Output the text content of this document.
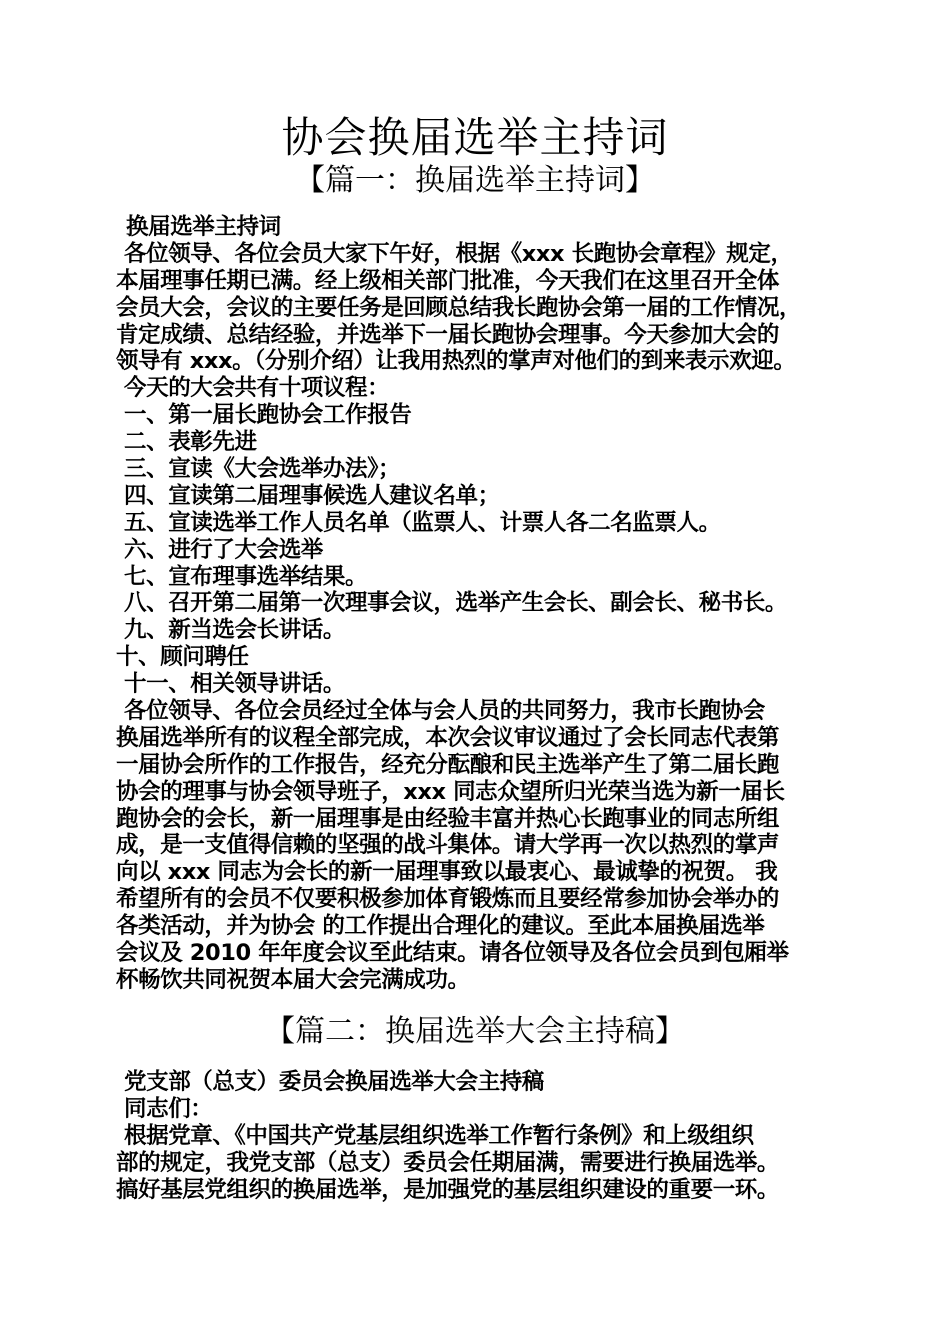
协会换届选举主持词
【篇一：换届选举主持词】
换届选举主持词
各位领导、各位会员大家下午好，根据《xxx 长跑协会章程》规定，
本届理事任期已满。经上级相关部门批准，今天我们在这里召开全体
会员大会，会议的主要任务是回顾总结我长跑协会第一届的工作情况，
肯定成绩、总结经验，并选举下一届长跑协会理事。今天参加大会的
领导有 xxx。（分别介绍）让我用热烈的掌声对他们的到来表示欢迎。
今天的大会共有十项议程：
一、第一届长跑协会工作报告
二、表彰先进
三、宣读《大会选举办法》；
四、宣读第二届理事候选人建议名单；
五、宣读选举工作人员名单（监票人、计票人各二名监票人。
六、进行了大会选举
七、宣布理事选举结果。
八、召开第二届第一次理事会议，选举产生会长、副会长、秘书长。
九、新当选会长讲话。
十、顾问聘任
十一、相关领导讲话。
各位领导、各位会员经过全体与会人员的共同努力，我市长跑协会
换届选举所有的议程全部完成，本次会议审议通过了会长同志代表第
一届协会所作的工作报告，经充分酝酿和民主选举产生了第二届长跑
协会的理事与协会领导班子，xxx 同志众望所归光荣当选为新一届长
跑协会的会长，新一届理事是由经验丰富并热心长跑事业的同志所组
成，是一支值得信赖的坚强的战斗集体。请大学再一次以热烈的掌声
向以 xxx 同志为会长的新一届理事致以最衷心、最诚挚的祝贺。 我
希望所有的会员不仅要积极参加体育锻炼而且要经常参加协会举办的
各类活动，并为协会 的工作提出合理化的建议。至此本届换届选举
会议及 2010 年年度会议至此结束。请各位领导及各位会员到包厢举
杯畅饮共同祝贺本届大会完满成功。
【篇二：换届选举大会主持稿】
党支部（总支）委员会换届选举大会主持稿
同志们：
根据党章、《中国共产党基层组织选举工作暂行条例》和上级组织
部的规定，我党支部（总支）委员会任期届满，需要进行换届选举。
搞好基层党组织的换届选举，是加强党的基层组织建设的重要一环。
